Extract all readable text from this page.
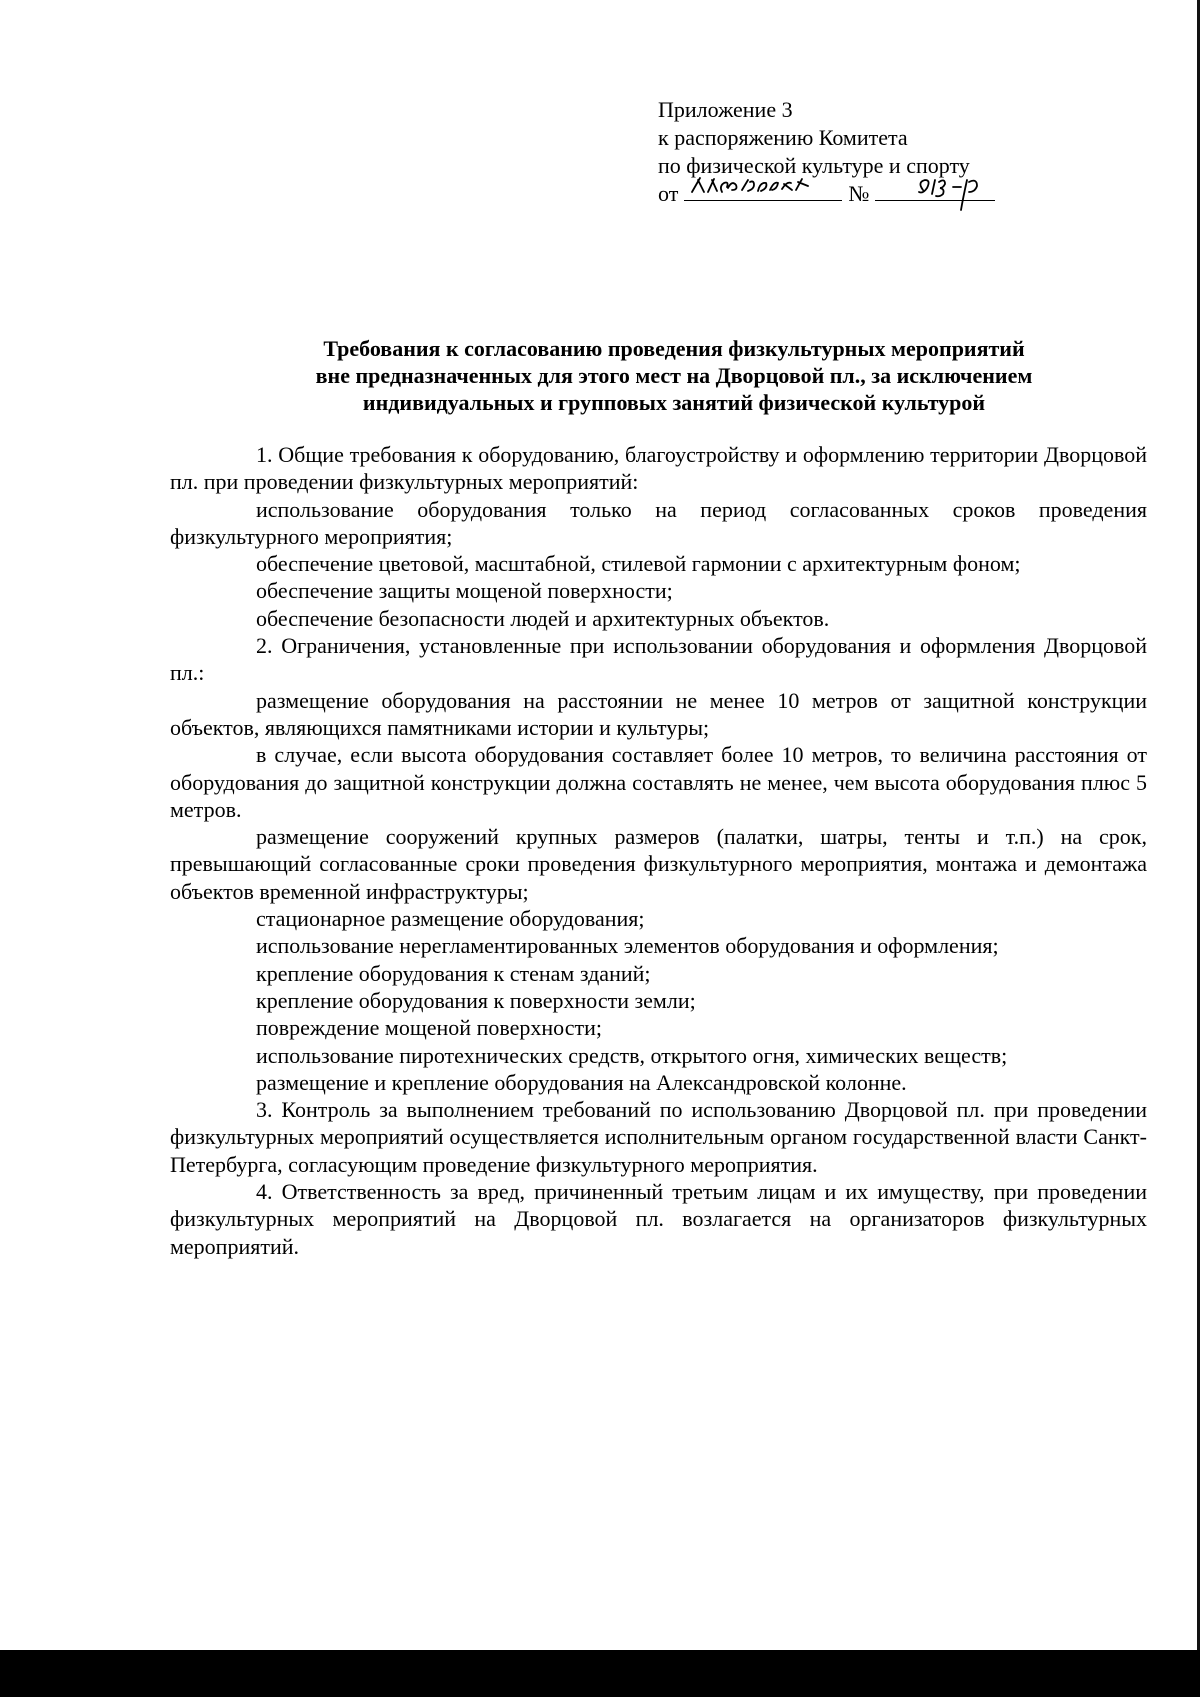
Приложение 3
к распоряжению Комитета
по физической культуре и спорту
от	№
Требования к согласованию проведения физкультурных мероприятий
вне предназначенных для этого мест на Дворцовой пл., за исключением
индивидуальных и групповых занятий физической культурой

1. Общие требования к оборудованию, благоустройству и оформлению территории Дворцовой пл. при проведении физкультурных мероприятий:

использование оборудования только на период согласованных сроков проведения физкультурного мероприятия;

обеспечение цветовой, масштабной, стилевой гармонии с архитектурным фоном;

обеспечение защиты мощеной поверхности;

обеспечение безопасности людей и архитектурных объектов.

2. Ограничения, установленные при использовании оборудования и оформления Дворцовой пл.:

размещение оборудования на расстоянии не менее 10 метров от защитной конструкции объектов, являющихся памятниками истории и культуры;

в случае, если высота оборудования составляет более 10 метров, то величина расстояния от оборудования до защитной конструкции должна составлять не менее, чем высота оборудования плюс 5 метров.

размещение сооружений крупных размеров (палатки, шатры, тенты и т.п.) на срок, превышающий согласованные сроки проведения физкультурного мероприятия, монтажа и демонтажа объектов временной инфраструктуры;

стационарное размещение оборудования;

использование нерегламентированных элементов оборудования и оформления;

крепление оборудования к стенам зданий;

крепление оборудования к поверхности земли;

повреждение мощеной поверхности;

использование пиротехнических средств, открытого огня, химических веществ;

размещение и крепление оборудования на Александровской колонне.

3. Контроль за выполнением требований по использованию Дворцовой пл. при проведении физкультурных мероприятий осуществляется исполнительным органом государственной власти Санкт-Петербурга, согласующим проведение физкультурного мероприятия.

4. Ответственность за вред, причиненный третьим лицам и их имуществу, при проведении физкультурных мероприятий на Дворцовой пл. возлагается на организаторов физкультурных мероприятий.
